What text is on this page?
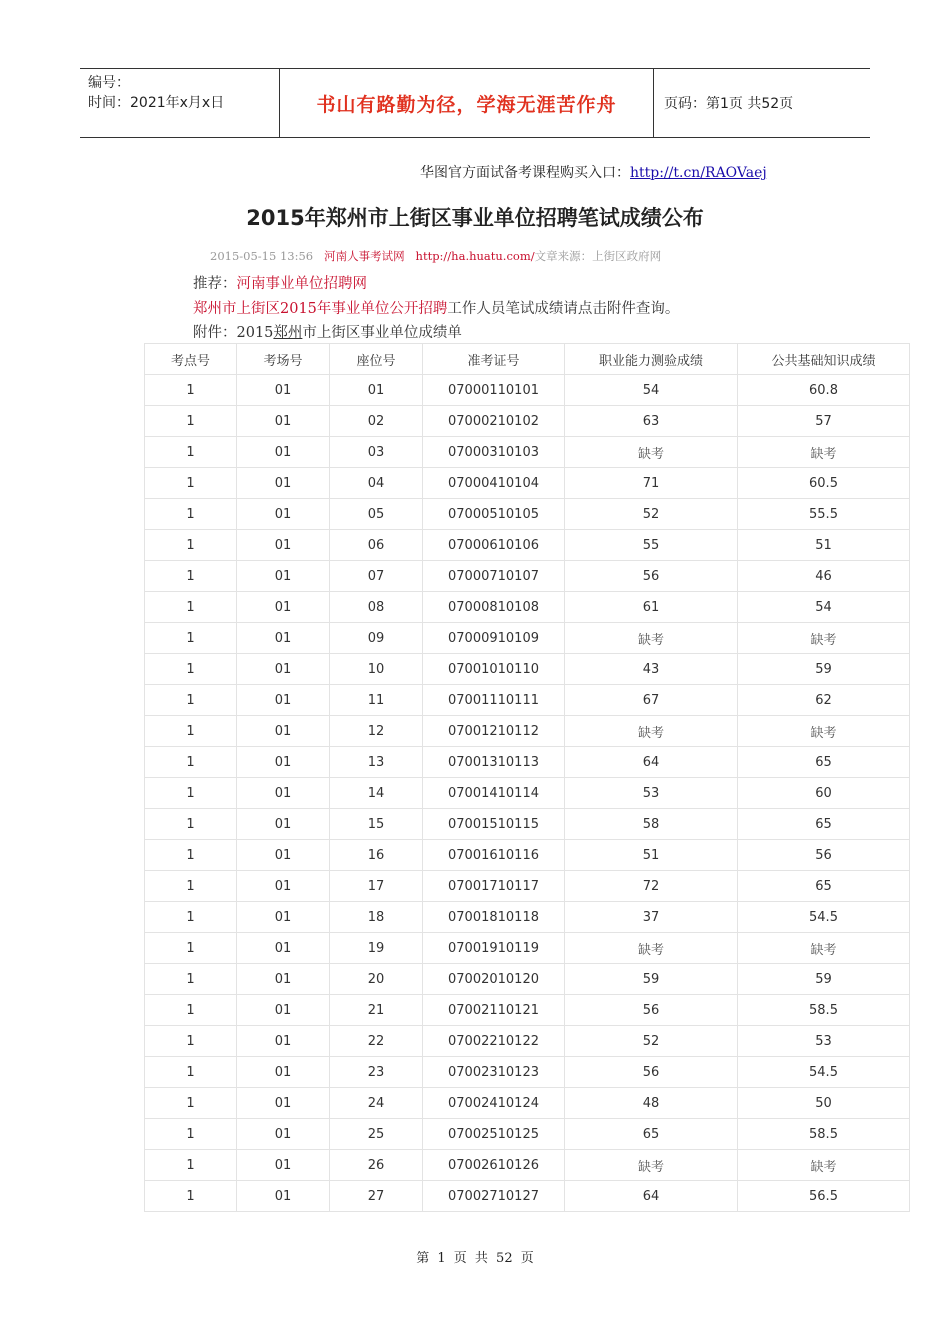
编号：
时间：2021年x月x日	书山有路勤为径，学海无涯苦作舟	页码：第1页 共52页
华图官方面试备考课程购买入口：http://t.cn/RAOVaej
2015年郑州市上街区事业单位招聘笔试成绩公布
2015-05-15 13:56 河南人事考试网 http://ha.huatu.com/文章来源：上街区政府网
推荐：河南事业单位招聘网
郑州市上街区2015年事业单位公开招聘工作人员笔试成绩请点击附件查询。
附件：2015郑州市上街区事业单位成绩单
考点号	考场号	座位号	准考证号	职业能力测验成绩	公共基础知识成绩
1	01	01	07000110101	54	60.8
1	01	02	07000210102	63	57
1	01	03	07000310103	缺考	缺考
1	01	04	07000410104	71	60.5
1	01	05	07000510105	52	55.5
1	01	06	07000610106	55	51
1	01	07	07000710107	56	46
1	01	08	07000810108	61	54
1	01	09	07000910109	缺考	缺考
1	01	10	07001010110	43	59
1	01	11	07001110111	67	62
1	01	12	07001210112	缺考	缺考
1	01	13	07001310113	64	65
1	01	14	07001410114	53	60
1	01	15	07001510115	58	65
1	01	16	07001610116	51	56
1	01	17	07001710117	72	65
1	01	18	07001810118	37	54.5
1	01	19	07001910119	缺考	缺考
1	01	20	07002010120	59	59
1	01	21	07002110121	56	58.5
1	01	22	07002210122	52	53
1	01	23	07002310123	56	54.5
1	01	24	07002410124	48	50
1	01	25	07002510125	65	58.5
1	01	26	07002610126	缺考	缺考
1	01	27	07002710127	64	56.5
第 1 页 共 52 页
